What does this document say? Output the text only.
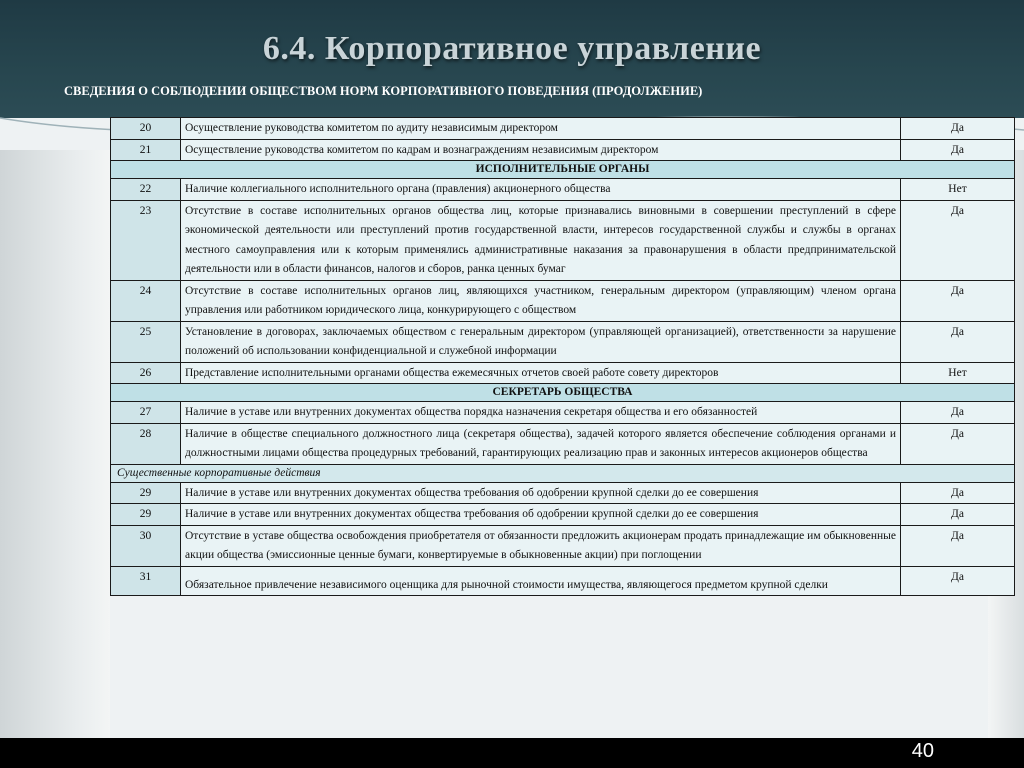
6.4. Корпоративное управление
СВЕДЕНИЯ О СОБЛЮДЕНИИ ОБЩЕСТВОМ НОРМ КОРПОРАТИВНОГО ПОВЕДЕНИЯ (ПРОДОЛЖЕНИЕ)
20	Осуществление руководства комитетом по аудиту независимым директором	Да
21	Осуществление руководства комитетом по кадрам и вознаграждениям независимым директором	Да
ИСПОЛНИТЕЛЬНЫЕ ОРГАНЫ		
22	Наличие коллегиального исполнительного органа (правления) акционерного общества	Нет
23	Отсутствие в составе исполнительных органов общества лиц, которые признавались виновными в совершении преступлений в сфере экономической деятельности или преступлений против государственной власти, интересов государственной службы и службы в органах местного самоуправления или к которым применялись административные наказания за правонарушения в области предпринимательской деятельности или в области финансов, налогов и сборов, ранка ценных бумаг	Да
24	Отсутствие в составе исполнительных органов лиц, являющихся участником, генеральным директором (управляющим) членом органа управления или работником юридического лица, конкурирующего с обществом	Да
25	Установление в договорах, заключаемых обществом с генеральным директором (управляющей организацией), ответственности за нарушение положений об использовании конфиденциальной и служебной информации	Да
26	Представление исполнительными органами общества ежемесячных отчетов своей работе совету директоров	Нет
СЕКРЕТАРЬ ОБЩЕСТВА		
27	Наличие в уставе или внутренних документах общества порядка назначения секретаря общества и его обязанностей	Да
28	Наличие в обществе специального должностного лица (секретаря общества), задачей которого является обеспечение соблюдения органами и должностными лицами общества процедурных требований, гарантирующих реализацию прав и законных интересов акционеров общества	Да
Существенные корпоративные действия		
29	Наличие в уставе или внутренних документах общества требования об одобрении крупной сделки до ее совершения	Да
29	Наличие в уставе или внутренних документах общества требования об одобрении крупной сделки до ее совершения	Да
30	Отсутствие в уставе общества освобождения приобретателя от обязанности предложить акционерам продать принадлежащие им обыкновенные акции общества (эмиссионные ценные бумаги, конвертируемые в обыкновенные акции) при поглощении	Да
31	Обязательное привлечение независимого оценщика для рыночной стоимости имущества, являющегося предметом крупной сделки	Да
40
